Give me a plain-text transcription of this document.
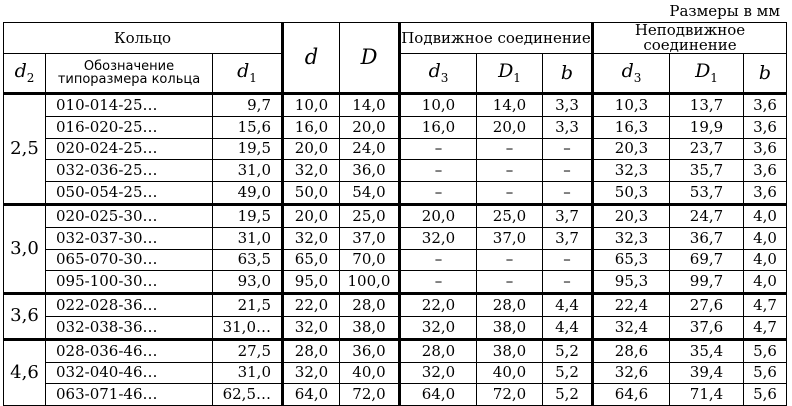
Размеры в мм
Кольцо			d	D	Подвижное соединение			Неподвижное соединение		
$d_2$	Обозначение типоразмера кольца	$d_1$			$d_3$	$D_1$	b	$d_3$	$D_1$	b
2,5	010-014-25…	9,7	10,0	14,0	10,0	14,0	3,3	10,3	13,7	3,6
	016-020-25…	15,6	16,0	20,0	16,0	20,0	3,3	16,3	19,9	3,6
	020-024-25…	19,5	20,0	24,0	–	–	–	20,3	23,7	3,6
	032-036-25…	31,0	32,0	36,0	–	–	–	32,3	35,7	3,6
	050-054-25…	49,0	50,0	54,0	–	–	–	50,3	53,7	3,6
3,0	020-025-30…	19,5	20,0	25,0	20,0	25,0	3,7	20,3	24,7	4,0
	032-037-30…	31,0	32,0	37,0	32,0	37,0	3,7	32,3	36,7	4,0
	065-070-30…	63,5	65,0	70,0	–	–	–	65,3	69,7	4,0
	095-100-30…	93,0	95,0	100,0	–	–	–	95,3	99,7	4,0
3,6	022-028-36…	21,5	22,0	28,0	22,0	28,0	4,4	22,4	27,6	4,7
	032-038-36…	31,0…	32,0	38,0	32,0	38,0	4,4	32,4	37,6	4,7
4,6	028-036-46…	27,5	28,0	36,0	28,0	38,0	5,2	28,6	35,4	5,6
	032-040-46…	31,0	32,0	40,0	32,0	40,0	5,2	32,6	39,4	5,6
	063-071-46…	62,5…	64,0	72,0	64,0	72,0	5,2	64,6	71,4	5,6
